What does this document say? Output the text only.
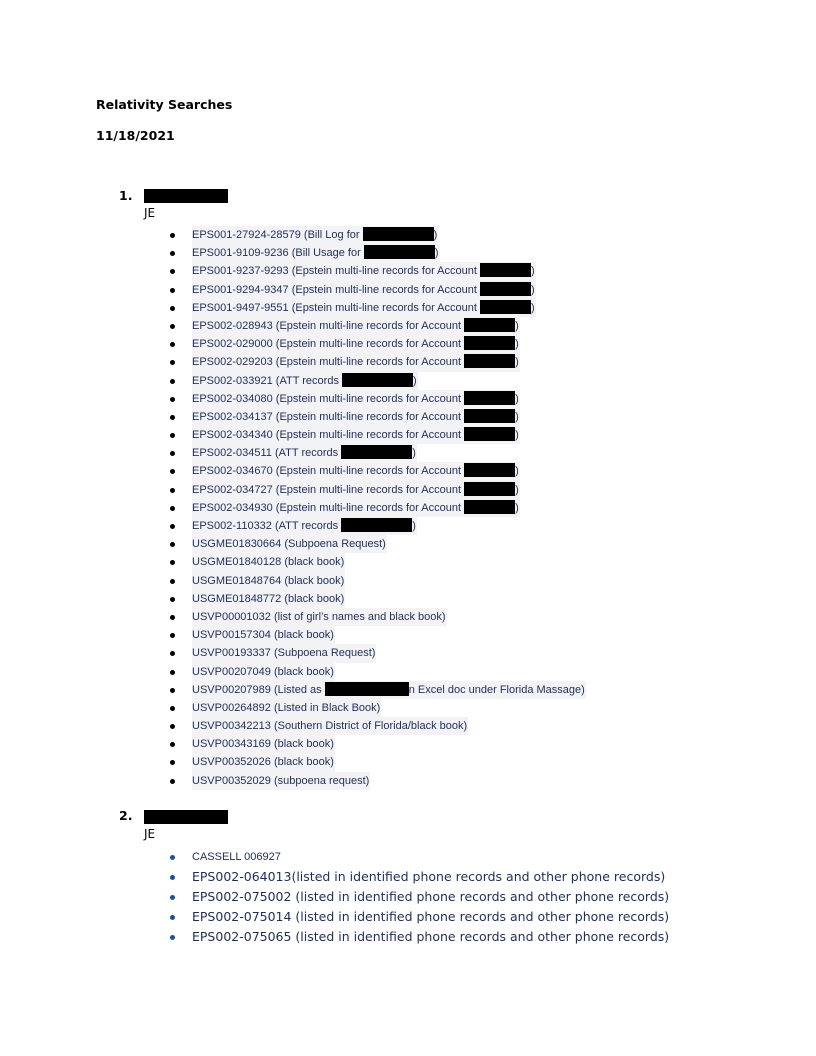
Relativity Searches
11/18/2021
1.
JE
EPS001-27924-28579 (Bill Log for	)
EPS001-9109-9236 (Bill Usage for	)
EPS001-9237-9293 (Epstein multi-line records for Account	)
EPS001-9294-9347 (Epstein multi-line records for Account	)
EPS001-9497-9551 (Epstein multi-line records for Account	)
EPS002-028943 (Epstein multi-line records for Account	)
EPS002-029000 (Epstein multi-line records for Account	)
EPS002-029203 (Epstein multi-line records for Account	)
EPS002-033921 (ATT records	)
EPS002-034080 (Epstein multi-line records for Account	)
EPS002-034137 (Epstein multi-line records for Account	)
EPS002-034340 (Epstein multi-line records for Account	)
EPS002-034511 (ATT records	)
EPS002-034670 (Epstein multi-line records for Account	)
EPS002-034727 (Epstein multi-line records for Account	)
EPS002-034930 (Epstein multi-line records for Account	)
EPS002-110332 (ATT records	)
USGME01830664 (Subpoena Request)
USGME01840128 (black book)
USGME01848764 (black book)
USGME01848772 (black book)
USVP00001032 (list of girl’s names and black book)
USVP00157304 (black book)
USVP00193337 (Subpoena Request)
USVP00207049 (black book)
USVP00207989 (Listed as	n Excel doc under Florida Massage)
USVP00264892 (Listed in Black Book)
USVP00342213 (Southern District of Florida/black book)
USVP00343169 (black book)
USVP00352026 (black book)
USVP00352029 (subpoena request)
2.
JE
CASSELL 006927
EPS002-064013(listed in identified phone records and other phone records)
EPS002-075002 (listed in identified phone records and other phone records)
EPS002-075014 (listed in identified phone records and other phone records)
EPS002-075065 (listed in identified phone records and other phone records)
